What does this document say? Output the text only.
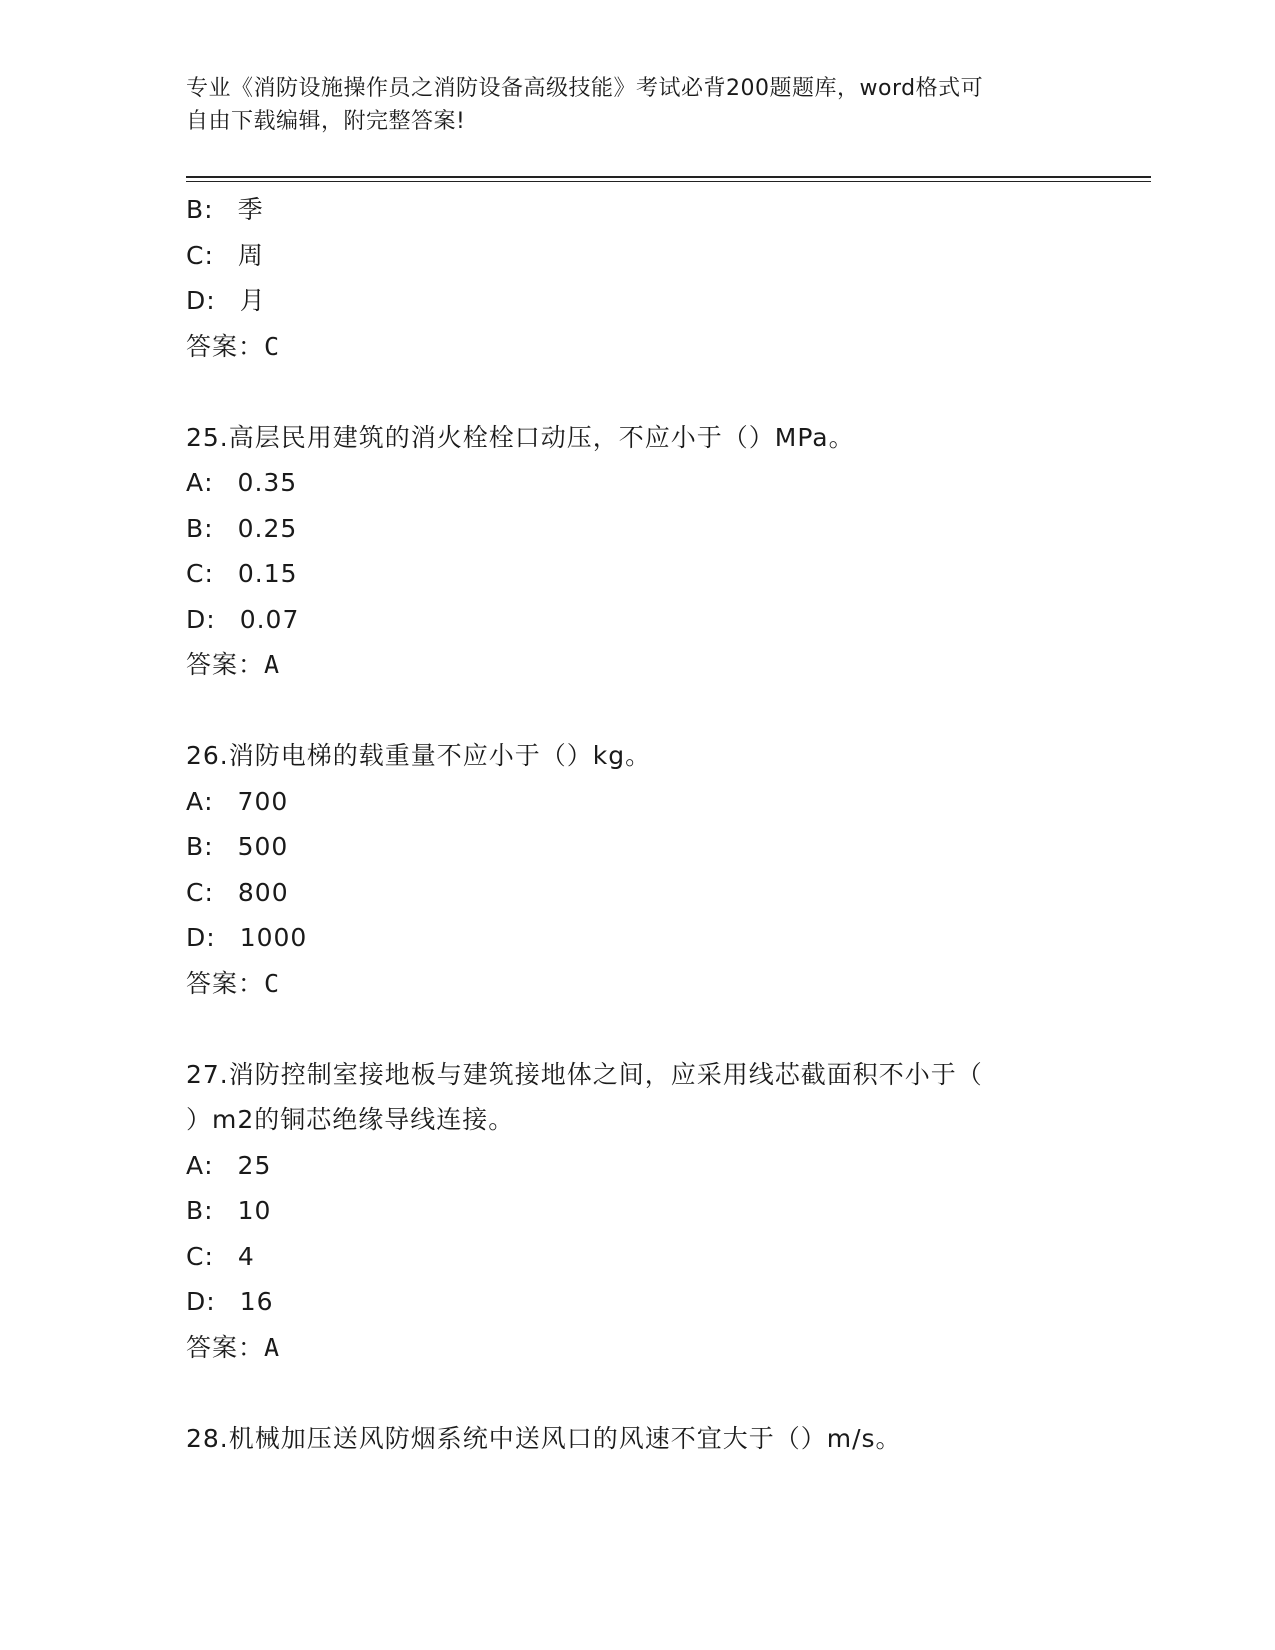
专业《消防设施操作员之消防设备高级技能》考试必背200题题库，word格式可
自由下载编辑，附完整答案!
B: 季
C: 周
D: 月
答案：C
25.高层民用建筑的消火栓栓口动压，不应小于（）MPa。
A: 0.35
B: 0.25
C: 0.15
D: 0.07
答案：A
26.消防电梯的载重量不应小于（）kg。
A: 700
B: 500
C: 800
D: 1000
答案：C
27.消防控制室接地板与建筑接地体之间，应采用线芯截面积不小于（
）m2的铜芯绝缘导线连接。
A: 25
B: 10
C: 4
D: 16
答案：A
28.机械加压送风防烟系统中送风口的风速不宜大于（）m/s。
